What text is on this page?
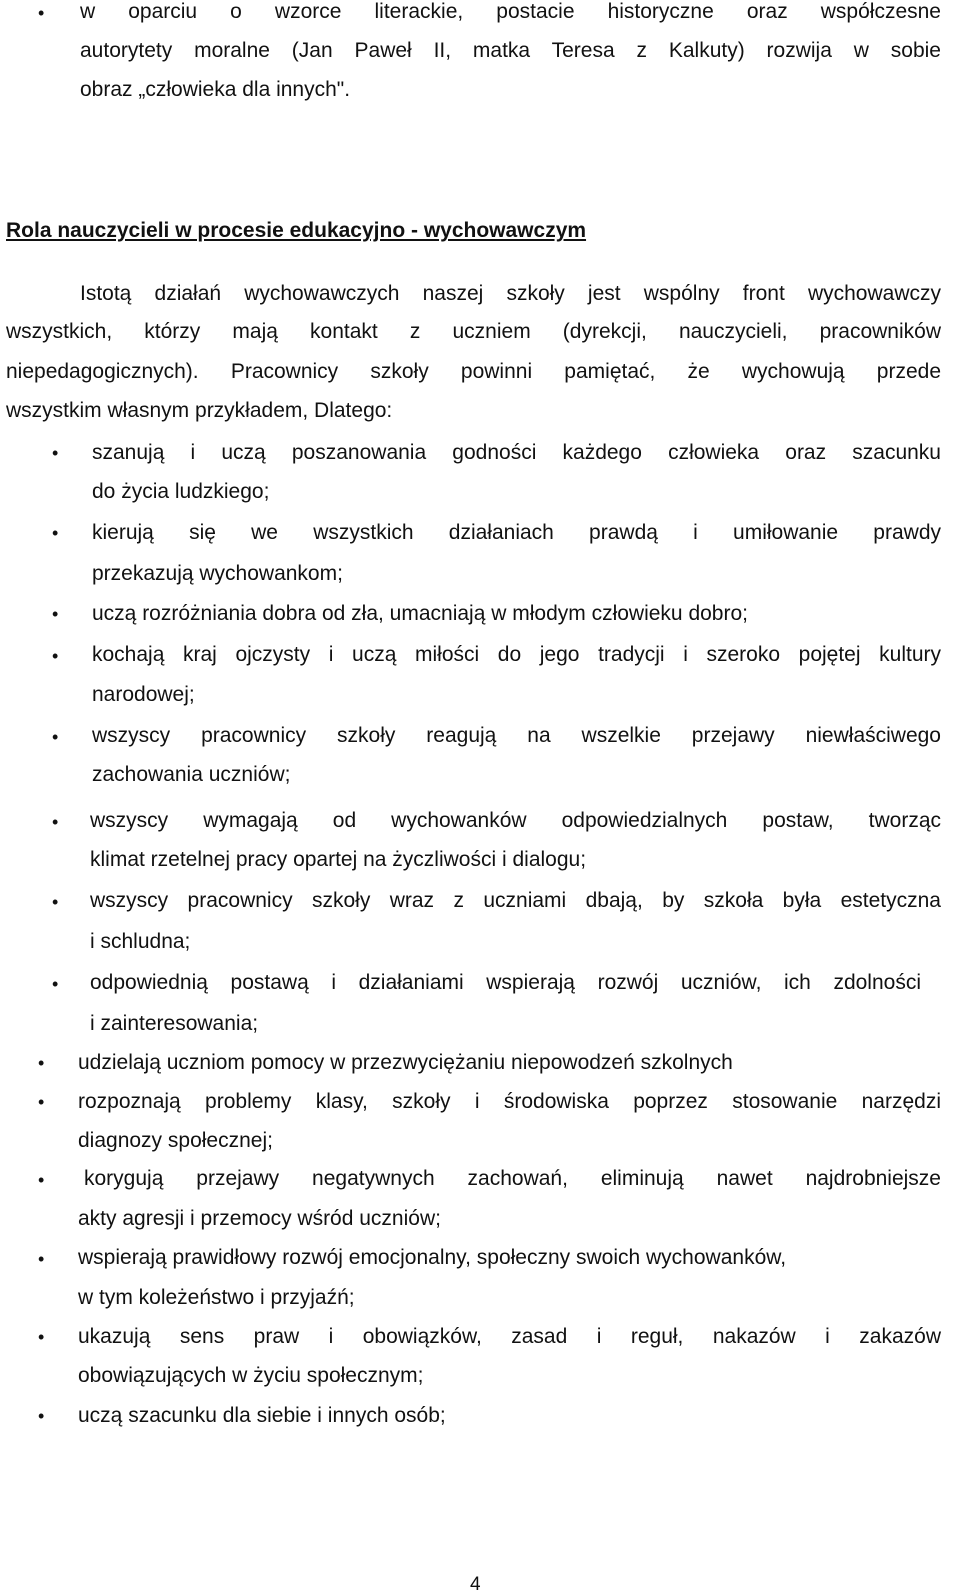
• w oparciu o wzorce literackie, postacie historyczne oraz współczesne

autorytety moralne (Jan Paweł II, matka Teresa z Kalkuty) rozwija w sobie

obraz „człowieka dla innych".

Rola nauczycieli w procesie edukacyjno - wychowawczym

Istotą działań wychowawczych naszej szkoły jest wspólny front wychowawczy

wszystkich, którzy mają kontakt z uczniem (dyrekcji, nauczycieli, pracowników

niepedagogicznych). Pracownicy szkoły powinni pamiętać, że wychowują przede

wszystkim własnym przykładem, Dlatego:

• szanują i uczą poszanowania godności każdego człowieka oraz szacunku

do życia ludzkiego;

• kierują się we wszystkich działaniach prawdą i umiłowanie prawdy

przekazują wychowankom;

• uczą rozróżniania dobra od zła, umacniają w młodym człowieku dobro;

• kochają kraj ojczysty i uczą miłości do jego tradycji i szeroko pojętej kultury

narodowej;

• wszyscy pracownicy szkoły reagują na wszelkie przejawy niewłaściwego

zachowania uczniów;

• wszyscy wymagają od wychowanków odpowiedzialnych postaw, tworząc

klimat rzetelnej pracy opartej na życzliwości i dialogu;

• wszyscy pracownicy szkoły wraz z uczniami dbają, by szkoła była estetyczna

i schludna;

• odpowiednią postawą i działaniami wspierają rozwój uczniów, ich zdolności

i zainteresowania;

• udzielają uczniom pomocy w przezwyciężaniu niepowodzeń szkolnych

• rozpoznają problemy klasy, szkoły i środowiska poprzez stosowanie narzędzi

diagnozy społecznej;

• korygują przejawy negatywnych zachowań, eliminują nawet najdrobniejsze

akty agresji i przemocy wśród uczniów;

• wspierają prawidłowy rozwój emocjonalny, społeczny swoich wychowanków,

w tym koleżeństwo i przyjaźń;

• ukazują sens praw i obowiązków, zasad i reguł, nakazów i zakazów

obowiązujących w życiu społecznym;

• uczą szacunku dla siebie i innych osób;

4
